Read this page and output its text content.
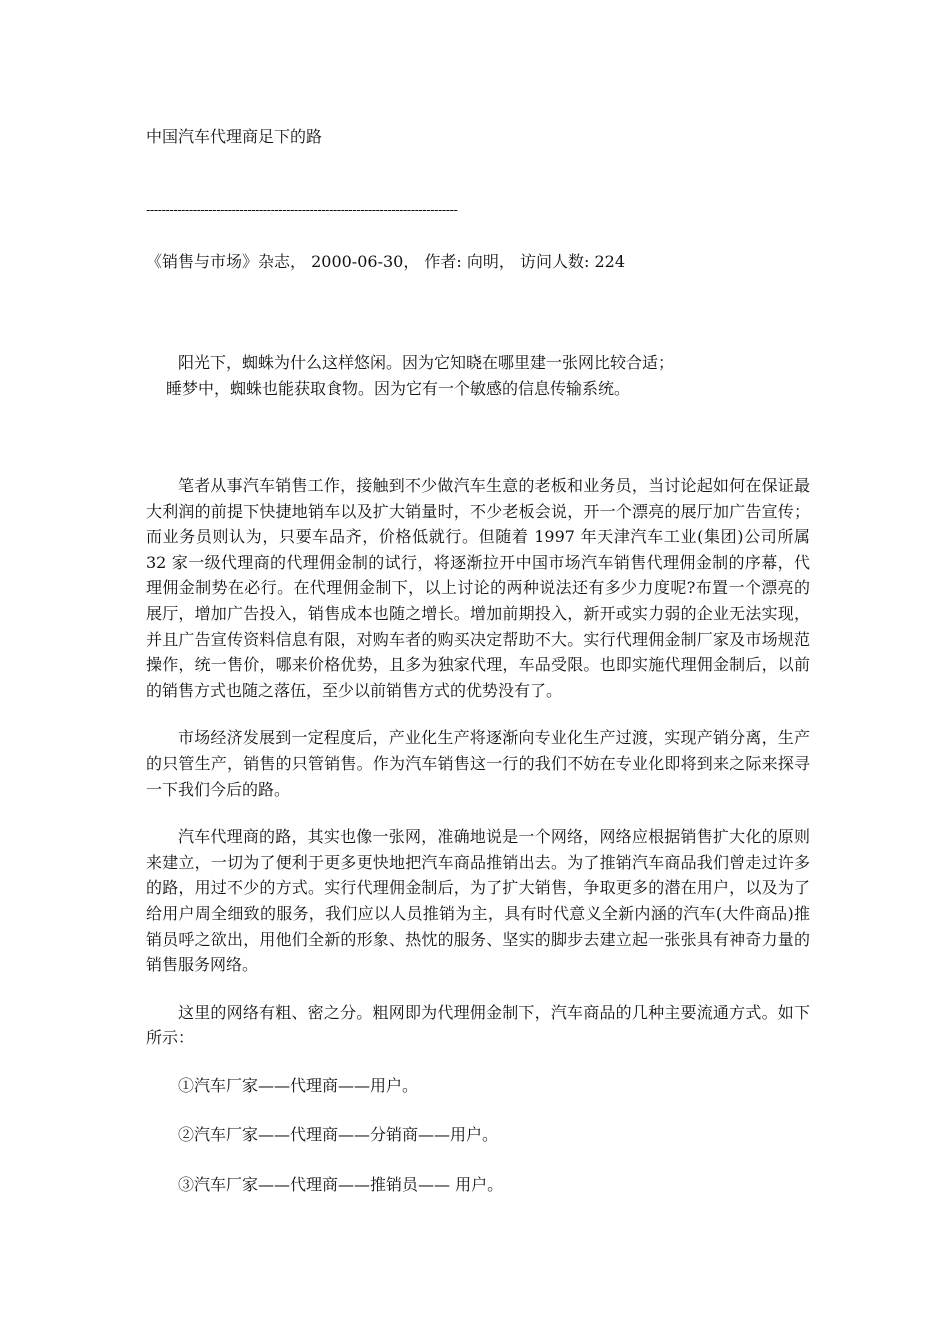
中国汽车代理商足下的路
--------------------------------------------------------------------------------
《销售与市场》杂志， 2000-06-30， 作者: 向明， 访问人数: 224
阳光下，蜘蛛为什么这样悠闲。因为它知晓在哪里建一张网比较合适；
睡梦中，蜘蛛也能获取食物。因为它有一个敏感的信息传输系统。

笔者从事汽车销售工作，接触到不少做汽车生意的老板和业务员，当讨论起如何在保证最大利润的前提下快捷地销车以及扩大销量时，不少老板会说，开一个漂亮的展厅加广告宣传；而业务员则认为，只要车品齐，价格低就行。但随着 1997 年天津汽车工业(集团)公司所属 32 家一级代理商的代理佣金制的试行，将逐渐拉开中国市场汽车销售代理佣金制的序幕，代理佣金制势在必行。在代理佣金制下，以上讨论的两种说法还有多少力度呢?布置一个漂亮的展厅，增加广告投入，销售成本也随之增长。增加前期投入，新开或实力弱的企业无法实现，并且广告宣传资料信息有限，对购车者的购买决定帮助不大。实行代理佣金制厂家及市场规范操作，统一售价，哪来价格优势，且多为独家代理，车品受限。也即实施代理佣金制后，以前的销售方式也随之落伍，至少以前销售方式的优势没有了。

市场经济发展到一定程度后，产业化生产将逐渐向专业化生产过渡，实现产销分离，生产的只管生产，销售的只管销售。作为汽车销售这一行的我们不妨在专业化即将到来之际来探寻一下我们今后的路。

汽车代理商的路，其实也像一张网，准确地说是一个网络，网络应根据销售扩大化的原则来建立，一切为了便利于更多更快地把汽车商品推销出去。为了推销汽车商品我们曾走过许多的路，用过不少的方式。实行代理佣金制后，为了扩大销售，争取更多的潜在用户，以及为了给用户周全细致的服务，我们应以人员推销为主，具有时代意义全新内涵的汽车(大件商品)推销员呼之欲出，用他们全新的形象、热忱的服务、坚实的脚步去建立起一张张具有神奇力量的销售服务网络。

这里的网络有粗、密之分。粗网即为代理佣金制下，汽车商品的几种主要流通方式。如下所示：

①汽车厂家——代理商——用户。

②汽车厂家——代理商——分销商——用户。

③汽车厂家——代理商——推销员—— 用户。
